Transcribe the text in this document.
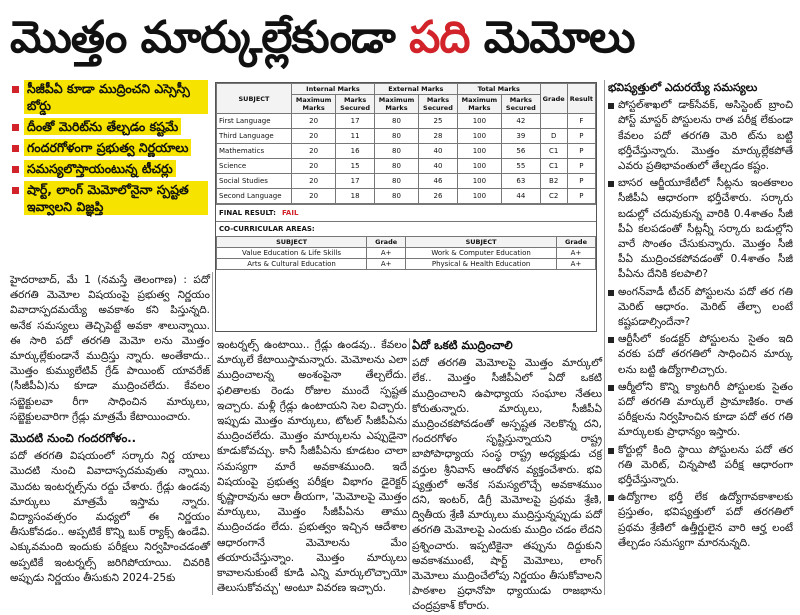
మొత్తం మార్కుల్లేకుండా పది మెమోలు
సీజీపీఏ కూడా ముద్రించని ఎస్సెస్సీ బోర్డు
దీంతో మెరిట్‌ను తేల్చడం కష్టమే
గందరగోళంగా ప్రభుత్వ నిర్ణయాలు
సమస్యలొస్తాయంటున్న టీచర్లు
షార్ట్‌, లాంగ్‌ మెమోలోనైనా స్పష్టత ఇవ్వాలని విజ్ఞప్తి
SUBJECT	Internal Marks		External Marks		Total Marks		Grade	Result
	Maximum Marks	Marks Secured	Maximum Marks	Marks Secured	Maximum Marks	Marks Secured		
First Language	20	17	80	25	100	42		F
Third Language	20	11	80	28	100	39	D	P
Mathematics	20	16	80	40	100	56	C1	P
Science	20	15	80	40	100	55	C1	P
Social Studies	20	17	80	46	100	63	B2	P
Second Language	20	18	80	26	100	44	C2	P
FINAL RESULT: FAIL
CO-CURRICULAR AREAS:
SUBJECT	Grade	SUBJECT	Grade
Value Education & Life Skills	A+	Work & Computer Education	A+
Arts & Cultural Education	A+	Physical & Health Education	A+

హైదరాబాద్‌, మే 1 (నమస్తే తెలంగాణ) : పదో తరగతి మెమోల విషయంపై ప్రభుత్వ నిర్ణయం వివాదాస్పదమయ్యే అవకాశం కని పిస్తున్నది. అనేక సమస్యలు తెచ్చిపెట్టే అవకా శాలున్నాయి. ఈ సారి పదో తరగతి మెమో లను మొత్తం మార్కుల్లేకుండానే ముద్రిస్తు న్నారు. అంతేకాదు.. మొత్తం కుమ్యులేటివ్‌ గ్రేడ్‌ పాయింట్‌ యావరేజ్‌ (సీజీపీఏ)ను కూడా ముద్రించలేదు. కేవలం సబ్జెక్టులవా రీగా సాధించిన మార్కులు, సబ్జెక్టులవారిగా గ్రేడ్లు మాత్రమే కేటాయించారు.

మొదటి నుంచి గందరగోళం..

పదో తరగతి విషయంలో సర్కారు నిర్ణ యాలు మొదటి నుంచి వివాదాస్పదమవుతు న్నాయి. మొదట ఇంటర్నల్స్‌ను రద్దు చేశారు. గ్రేడ్లు ఉండవు మార్కులు మాత్రమే ఇస్తామ న్నారు. విద్యాసంవత్సరం మధ్యలో ఈ నిర్ణయం తీసుకోవడం.. అప్పటికే కొన్ని బుక్‌ ర్యాక్స్‌ ఉండేవి. ఎక్కువమంది ఇందుకు పరీక్షలు నిర్వహించడంతో అప్పటికే ఇంటర్నల్స్‌ జరిగిపోయాయి. చివరికి అప్పుడు నిర్ణయం తీసుకుని 2024-25కు

ఇంటర్నల్స్‌ ఉంటాయి.. గ్రేడ్లు ఉండవు.. కేవలం మార్కులే కేటాయిస్తామన్నారు. మెమోలను ఎలా ముద్రించాలన్న అంశంపైనా తేల్చలేదు. ఫలితాలకు రెండు రోజుల ముందే స్పష్టత ఇచ్చారు. మళ్లీ గ్రేడ్లు ఉంటాయని సెల విచ్చారు. ఇప్పుడు మొత్తం మార్కులు, టోటల్‌ సీజీపీఏను ముద్రించలేదు. మొత్తం మార్కులను ఎప్పుడైనా కూడుకోవచ్చు. కానీ సీజీపీఏను కూడటం చాలా సమస్యగా మారే అవకాశముంది. ఇదే విషయంపై ప్రభుత్వ పరీక్షల విభాగం డైరెక్టర్‌ కృష్ణారావును ఆరా తీయగా, 'మెమోలపై మొత్తం మార్కులు, మొత్తం సీజీపీఏను తాము ముద్రించడం లేదు. ప్రభుత్వం ఇచ్చిన ఆదేశాల ఆధారంగానే మెమోలను మేం తయారుచేస్తున్నాం. మొత్తం మార్కులు కావాలనుకుంటే కూడి ఎన్ని మార్కులొచ్చాయో తెలుసుకోవచ్చు' అంటూ వివరణ ఇచ్చారు.

ఏదో ఒకటి ముద్రించాలి

పదో తరగతి మెమోలపై మొత్తం మార్కులో లేక.. మొత్తం సీజీపీఏలో ఏదో ఒకటి ముద్రించాలని ఉపాధ్యాయ సంఘాల నేతలు కోరుతున్నారు. మార్కులు, సీజీపీఏ ముద్రించకపోవడంతో అస్పష్టత నెలకొన్న దని, గందరగోళం సృష్టిస్తున్నాయని రాష్ట్ర బాపోపాధ్యాయ సంస్థ రాష్ట్ర అధ్యక్షుడు చక్ర వర్తుల శ్రీనివాస్‌ ఆందోళన వ్యక్తంచేశారు. భవి ష్యత్తులో అనేక సమస్యలొచ్చే అవకాశముం దని, ఇంటర్‌, డిగ్రీ మెమోలపై ప్రథమ శ్రేణి, ద్వితీయ శ్రేణి మార్కులు ముద్రిస్తున్నప్పుడు పదో తరగతి మెమోలపై ఎందుకు ముద్రిం చడం లేదని ప్రశ్నించారు. ఇప్పటికైనా తప్పును దిద్దుకుని అవకాశముంటే, షార్ట్‌ మెమోలు, లాంగ్‌ మెమోలు ముద్రించేలోపు నిర్ణయం తీసుకోవాలని పాఠశాల ప్రధానోపా ధ్యాయుడు రాజభాను చంద్రప్రకాశ్‌ కోరారు.

భవిష్యత్తులో ఎదురయ్యే సమస్యలు
పోస్టల్‌శాఖలో డాక్‌సేవక్‌, అసిస్టెంట్‌ బ్రాంచి పోస్ట్‌ మాస్టర్‌ పోస్టులను రాత పరీక్ష లేకుండా కేవలం పదో తరగతి మెరి ట్‌ను బట్టి భర్తీచేస్తున్నారు. మొత్తం మార్కుల్లేకపోతే ఎవరు ప్రతిభావంతులో తేల్చడం కష్టం.
బాసర ఆర్జీయూకేటీలో సీట్లను ఇంతకాలం సీజీపీఏ ఆధారంగా భర్తీచేశారు. సర్కారు బడుల్లో చదువుకున్న వారికి 0.4శాతం సీజీ పీఏ కలపడంతో సీట్లన్నీ సర్కారు బడుల్లోని వారే సొంతం చేసుకున్నారు. మొత్తం సీజీ పీఏ ముద్రించకపోవడంతో 0.4శాతం సీజీ పీఏను దేనికి కలపాలి?
అంగన్‌వాడీ టీచర్‌ పోస్టులను పదో తర గతి మెరిట్‌ ఆధారం. మెరిట్‌ తేల్చా లంటే కష్టపడాల్సిందేనా?
ఆర్టీసీలో కండక్టర్‌ పోస్టులను సైతం ఇది వరకు పదో తరగతిలో సాధించిన మార్కు లను బట్టి ఉద్యోగాలిచ్చారు.
ఆర్మీలోని కొన్ని క్యాటగిరీ పోస్టులకు సైతం పదో తరగతి మార్కులే ప్రామాణికం. రాత పరీక్షలను నిర్వహించిన కూడా పదో తర గతి మార్కులకు ప్రాధాన్యం ఇస్తారు.
కోర్టుల్లో కింది స్థాయి పోస్టులను పదో తర గతి మెరిట్‌, చిన్నపాటి పరీక్ష ఆధారంగా భర్తీచేస్తున్నారు.
ఉద్యోగాల భర్తీ లేక ఉద్యోగావకాశాలకు ప్రస్తుతం, భవిష్యత్తులో పదో తరగతిలో ప్రథమ శ్రేణిలో ఉత్తీర్ణులైన వారి ఆర్హ లంటే తేల్చడం సమస్యగా మారనున్నది.
